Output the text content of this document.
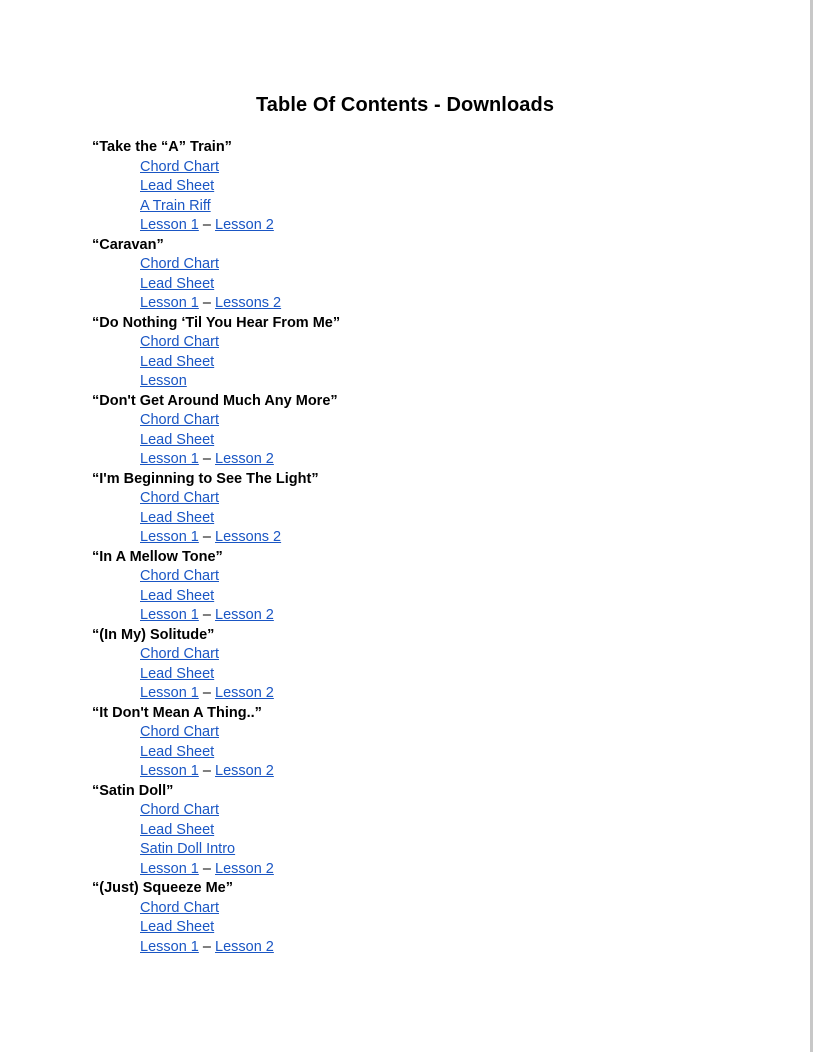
Table Of Contents - Downloads
“Take the “A” Train”
Chord Chart
Lead Sheet
A Train Riff
Lesson 1 – Lesson 2
“Caravan”
Chord Chart
Lead Sheet
Lesson 1 – Lessons 2
“Do Nothing ‘Til You Hear From Me”
Chord Chart
Lead Sheet
Lesson
“Don't Get Around Much Any More”
Chord Chart
Lead Sheet
Lesson 1 – Lesson 2
“I'm Beginning to See The Light”
Chord Chart
Lead Sheet
Lesson 1 – Lessons 2
“In A Mellow Tone”
Chord Chart
Lead Sheet
Lesson 1 – Lesson 2
“(In My) Solitude”
Chord Chart
Lead Sheet
Lesson 1 – Lesson 2
“It Don't Mean A Thing..”
Chord Chart
Lead Sheet
Lesson 1 – Lesson 2
“Satin Doll”
Chord Chart
Lead Sheet
Satin Doll Intro
Lesson 1 – Lesson 2
“(Just) Squeeze Me”
Chord Chart
Lead Sheet
Lesson 1 – Lesson 2
